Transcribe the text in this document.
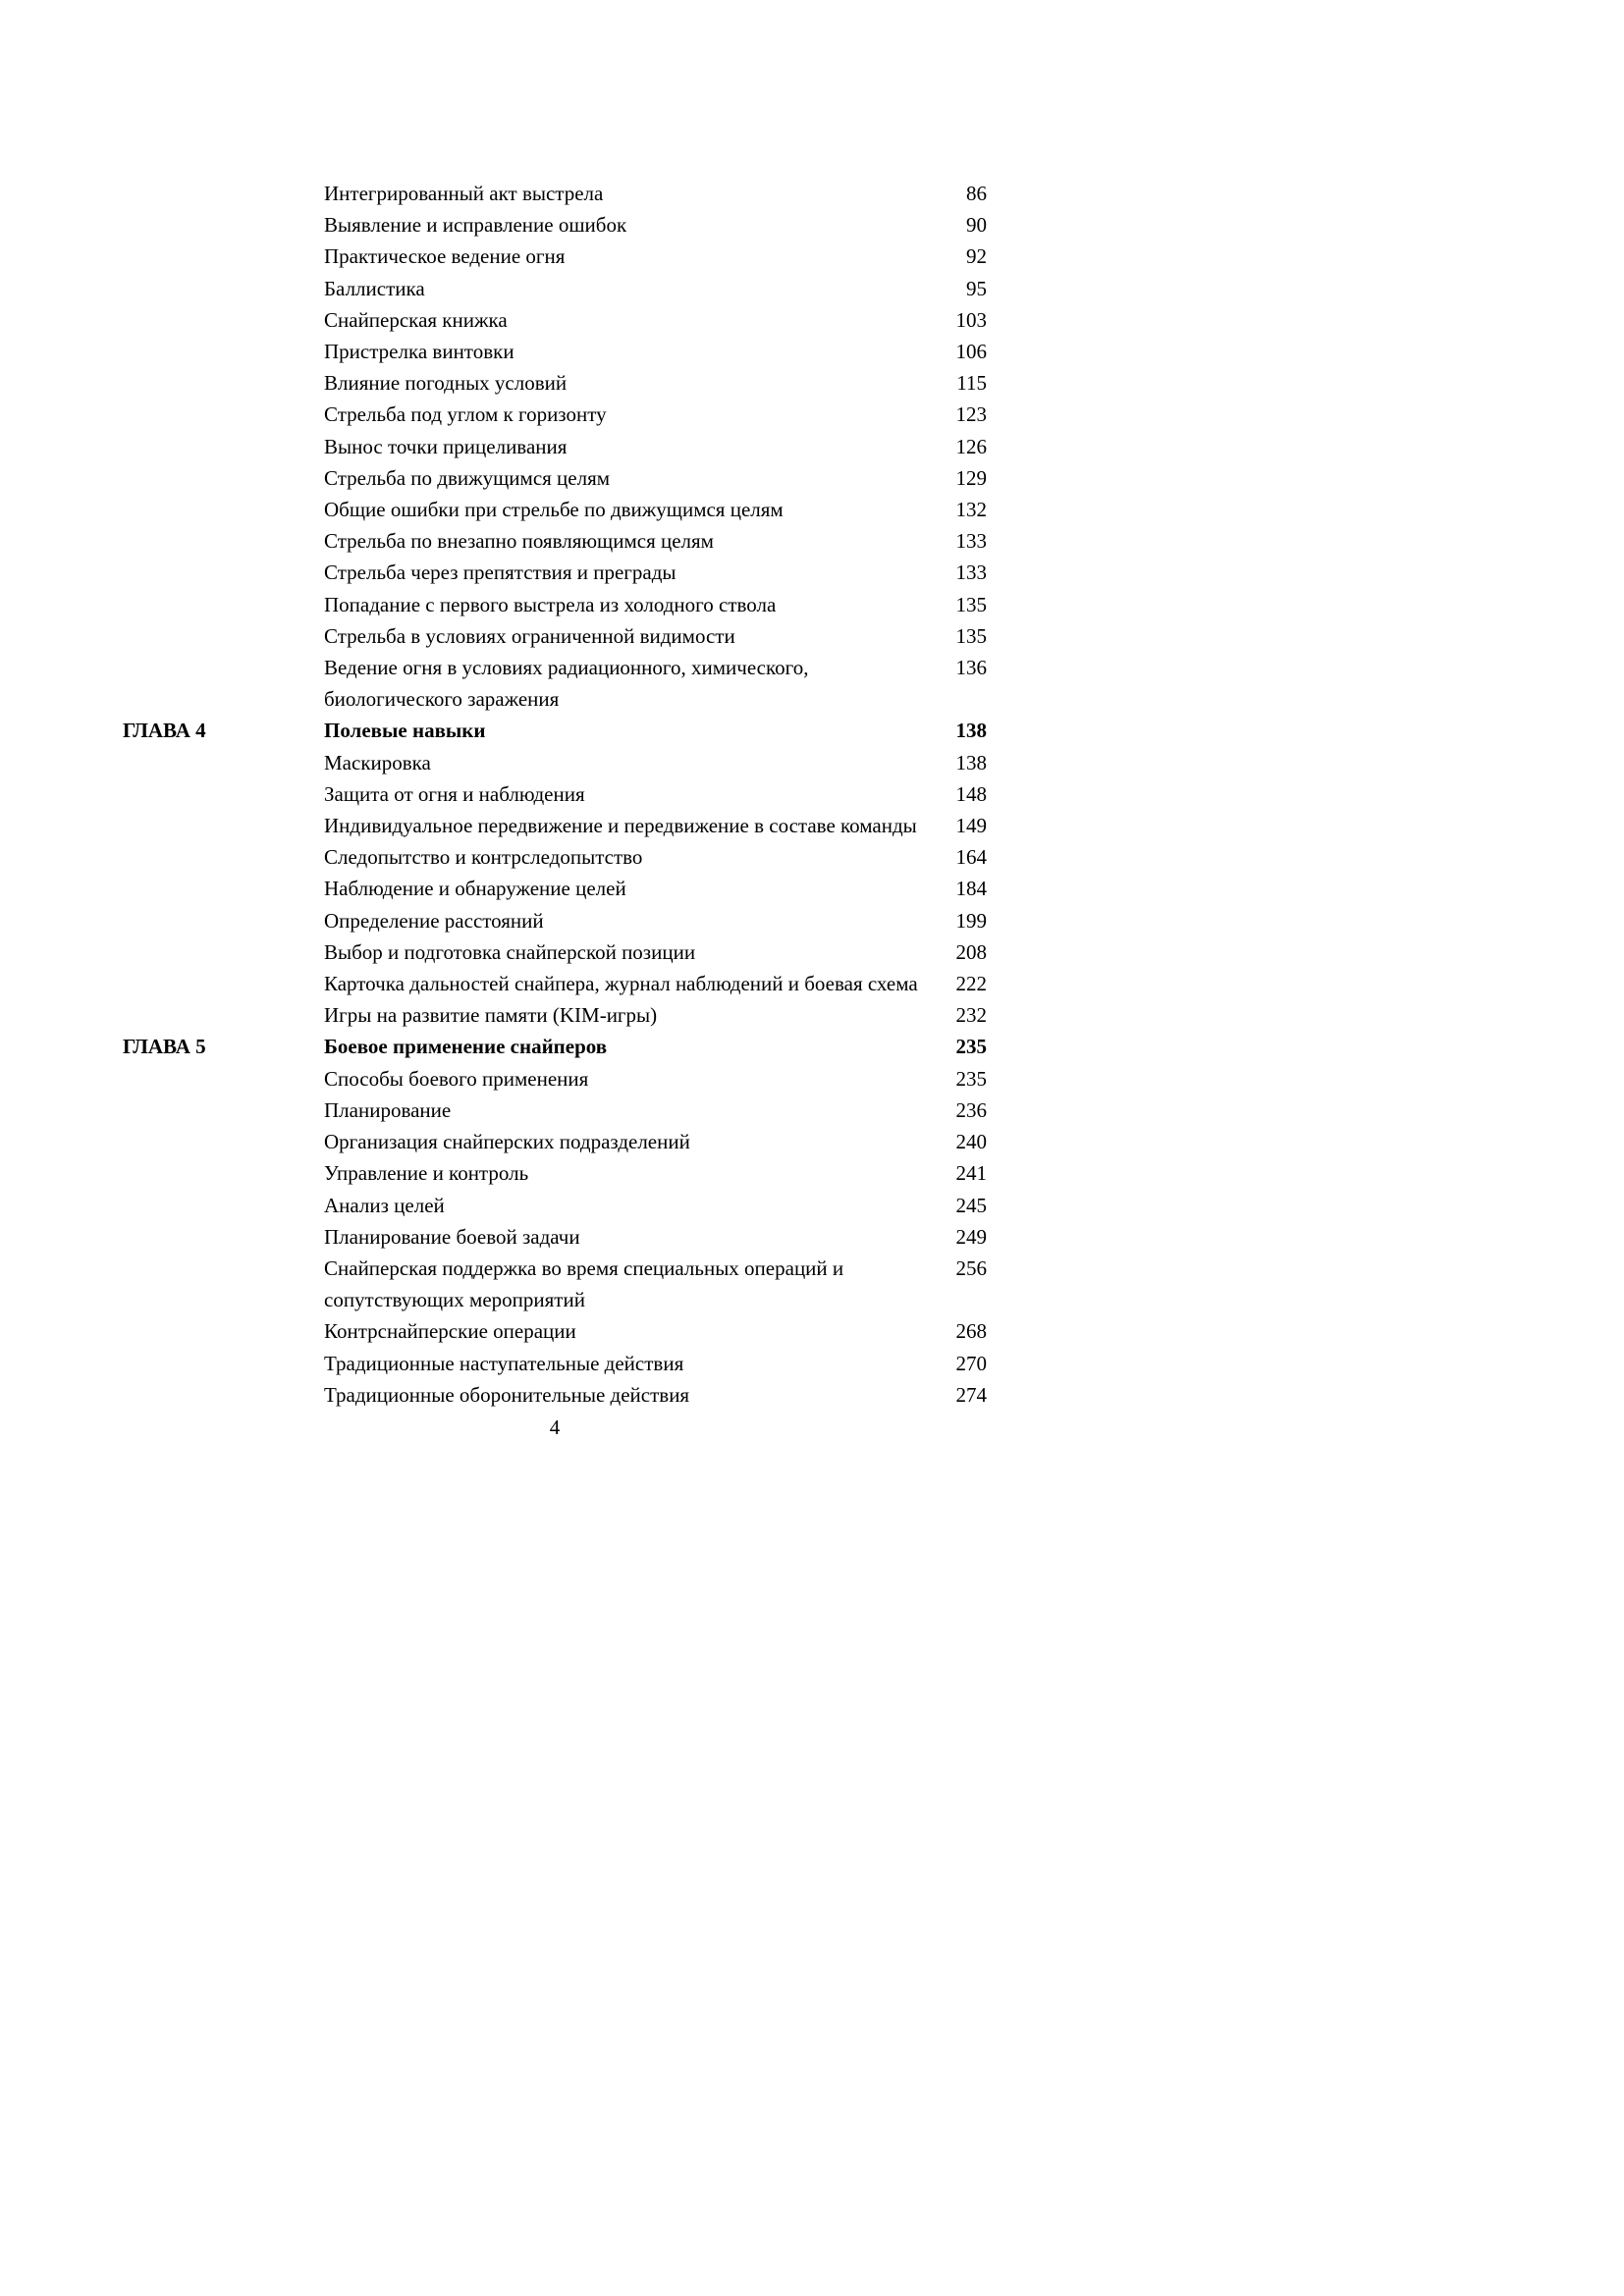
Интегрированный акт выстрела	86
Выявление и исправление ошибок	90
Практическое ведение огня	92
Баллистика	95
Снайперская книжка	103
Пристрелка винтовки	106
Влияние погодных условий	115
Стрельба под углом к горизонту	123
Вынос точки прицеливания	126
Стрельба по движущимся целям	129
Общие ошибки при стрельбе по движущимся целям	132
Стрельба по внезапно появляющимся целям	133
Стрельба через препятствия и преграды	133
Попадание с первого выстрела из холодного ствола	135
Стрельба в условиях ограниченной видимости	135
Ведение огня в условиях радиационного, химического, биологического заражения
136
ГЛАВА 4	Полевые навыки	138
Маскировка	138
Защита от огня и наблюдения	148
Индивидуальное передвижение и передвижение в составе команды	149
Следопытство и контрследопытство	164
Наблюдение и обнаружение целей	184
Определение расстояний	199
Выбор и подготовка снайперской позиции	208
Карточка дальностей снайпера, журнал наблюдений и боевая схема	222
Игры на развитие памяти (KIM-игры)	232
ГЛАВА 5	Боевое применение снайперов	235
Способы боевого применения	235
Планирование	236
Организация снайперских подразделений	240
Управление и контроль	241
Анализ целей	245
Планирование боевой задачи	249
Снайперская поддержка во время специальных операций и сопутствующих мероприятий
256
Контрснайперские операции	268
Традиционные наступательные действия	270
Традиционные оборонительные действия	274
4
